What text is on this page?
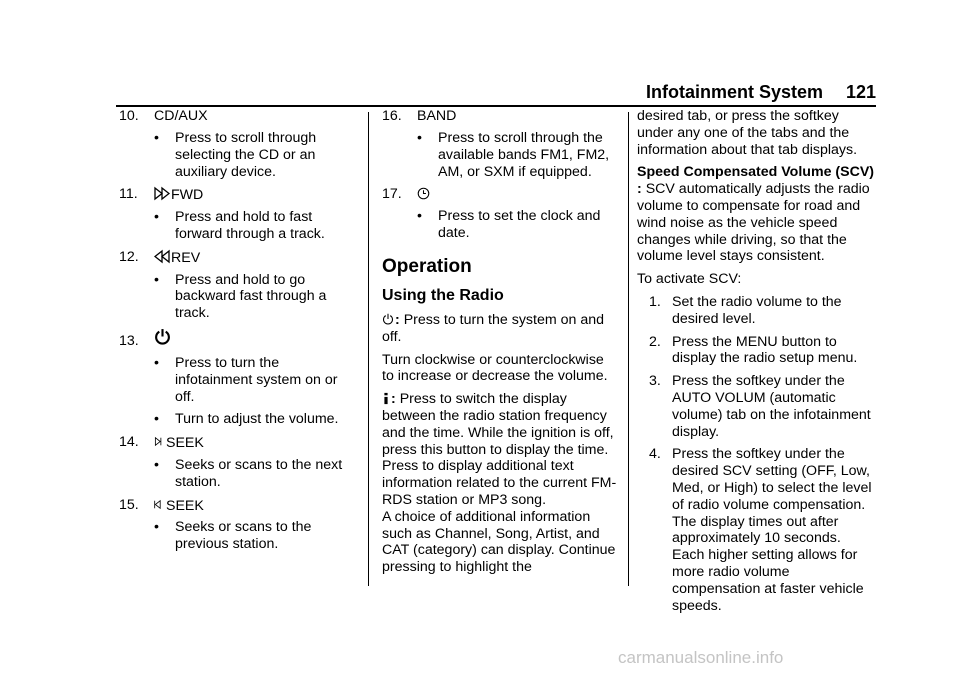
Infotainment System 121
10. CD/AUX
• Press to scroll through selecting the CD or an auxiliary device.
11. FWD
• Press and hold to fast forward through a track.
12. REV
• Press and hold to go backward fast through a track.
13.
• Press to turn the infotainment system on or off.
• Turn to adjust the volume.
14. SEEK
• Seeks or scans to the next station.
15. SEEK
• Seeks or scans to the previous station.
16. BAND
• Press to scroll through the available bands FM1, FM2, AM, or SXM if equipped.
17.
• Press to set the clock and date.
Operation
Using the Radio
: Press to turn the system on and off.
Turn clockwise or counterclockwise to increase or decrease the volume.
: Press to switch the display between the radio station frequency and the time. While the ignition is off, press this button to display the time. Press to display additional text information related to the current FM-RDS station or MP3 song.
A choice of additional information such as Channel, Song, Artist, and CAT (category) can display. Continue pressing to highlight the
desired tab, or press the softkey under any one of the tabs and the information about that tab displays.
Speed Compensated Volume (SCV) : SCV automatically adjusts the radio volume to compensate for road and wind noise as the vehicle speed changes while driving, so that the volume level stays consistent.
To activate SCV:
1. Set the radio volume to the desired level.
2. Press the MENU button to display the radio setup menu.
3. Press the softkey under the AUTO VOLUM (automatic volume) tab on the infotainment display.
4. Press the softkey under the desired SCV setting (OFF, Low, Med, or High) to select the level of radio volume compensation. The display times out after approximately 10 seconds. Each higher setting allows for more radio volume compensation at faster vehicle speeds.
carmanualsonline.info
